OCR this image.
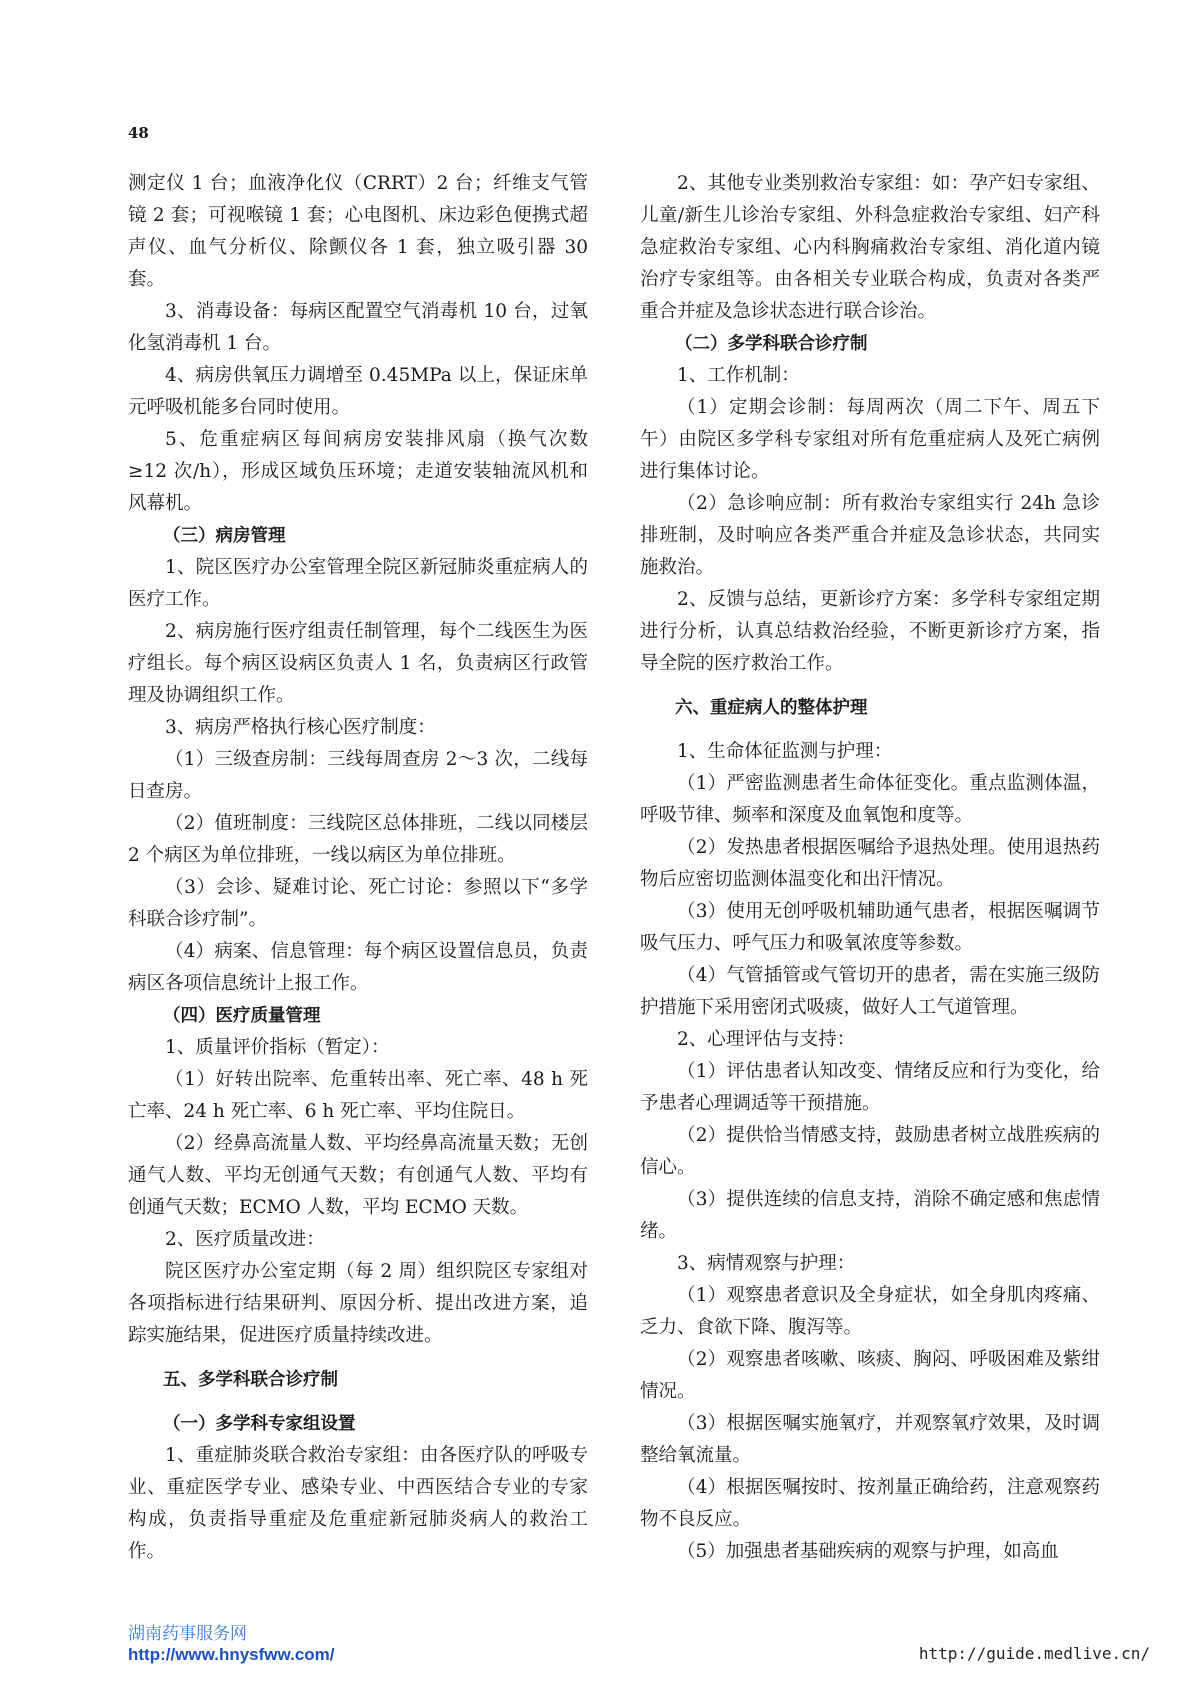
48

测定仪 1 台；血液净化仪（CRRT）2 台；纤维支气管镜 2 套；可视喉镜 1 套；心电图机、床边彩色便携式超声仪、血气分析仪、除颤仪各 1 套，独立吸引器 30 套。

3、消毒设备：每病区配置空气消毒机 10 台，过氧化氢消毒机 1 台。

4、病房供氧压力调增至 0.45MPa 以上，保证床单元呼吸机能多台同时使用。

5、危重症病区每间病房安装排风扇（换气次数 ≥12 次/h），形成区域负压环境；走道安装轴流风机和风幕机。

（三）病房管理

1、院区医疗办公室管理全院区新冠肺炎重症病人的医疗工作。

2、病房施行医疗组责任制管理，每个二线医生为医疗组长。每个病区设病区负责人 1 名，负责病区行政管理及协调组织工作。

3、病房严格执行核心医疗制度：

（1）三级查房制：三线每周查房 2～3 次，二线每日查房。

（2）值班制度：三线院区总体排班，二线以同楼层 2 个病区为单位排班，一线以病区为单位排班。

（3）会诊、疑难讨论、死亡讨论：参照以下“多学科联合诊疗制”。

（4）病案、信息管理：每个病区设置信息员，负责病区各项信息统计上报工作。

（四）医疗质量管理

1、质量评价指标（暂定）：

（1）好转出院率、危重转出率、死亡率、48 h 死亡率、24 h 死亡率、6 h 死亡率、平均住院日。

（2）经鼻高流量人数、平均经鼻高流量天数；无创通气人数、平均无创通气天数；有创通气人数、平均有创通气天数；ECMO 人数，平均 ECMO 天数。

2、医疗质量改进：

院区医疗办公室定期（每 2 周）组织院区专家组对各项指标进行结果研判、原因分析、提出改进方案，追踪实施结果，促进医疗质量持续改进。

五、多学科联合诊疗制

（一）多学科专家组设置

1、重症肺炎联合救治专家组：由各医疗队的呼吸专业、重症医学专业、感染专业、中西医结合专业的专家构成，负责指导重症及危重症新冠肺炎病人的救治工作。

2、其他专业类别救治专家组：如：孕产妇专家组、儿童/新生儿诊治专家组、外科急症救治专家组、妇产科急症救治专家组、心内科胸痛救治专家组、消化道内镜治疗专家组等。由各相关专业联合构成，负责对各类严重合并症及急诊状态进行联合诊治。

（二）多学科联合诊疗制

1、工作机制：

（1）定期会诊制：每周两次（周二下午、周五下午）由院区多学科专家组对所有危重症病人及死亡病例进行集体讨论。

（2）急诊响应制：所有救治专家组实行 24h 急诊排班制，及时响应各类严重合并症及急诊状态，共同实施救治。

2、反馈与总结，更新诊疗方案：多学科专家组定期进行分析，认真总结救治经验，不断更新诊疗方案，指导全院的医疗救治工作。

六、重症病人的整体护理

1、生命体征监测与护理：

（1）严密监测患者生命体征变化。重点监测体温，呼吸节律、频率和深度及血氧饱和度等。

（2）发热患者根据医嘱给予退热处理。使用退热药物后应密切监测体温变化和出汗情况。

（3）使用无创呼吸机辅助通气患者，根据医嘱调节吸气压力、呼气压力和吸氧浓度等参数。

（4）气管插管或气管切开的患者，需在实施三级防护措施下采用密闭式吸痰，做好人工气道管理。

2、心理评估与支持：

（1）评估患者认知改变、情绪反应和行为变化，给予患者心理调适等干预措施。

（2）提供恰当情感支持，鼓励患者树立战胜疾病的信心。

（3）提供连续的信息支持，消除不确定感和焦虑情绪。

3、病情观察与护理：

（1）观察患者意识及全身症状，如全身肌肉疼痛、乏力、食欲下降、腹泻等。

（2）观察患者咳嗽、咳痰、胸闷、呼吸困难及紫绀情况。

（3）根据医嘱实施氧疗，并观察氧疗效果，及时调整给氧流量。

（4）根据医嘱按时、按剂量正确给药，注意观察药物不良反应。

（5）加强患者基础疾病的观察与护理，如高血

湖南药事服务网
http://www.hnysfww.com/	http://guide.medlive.cn/
